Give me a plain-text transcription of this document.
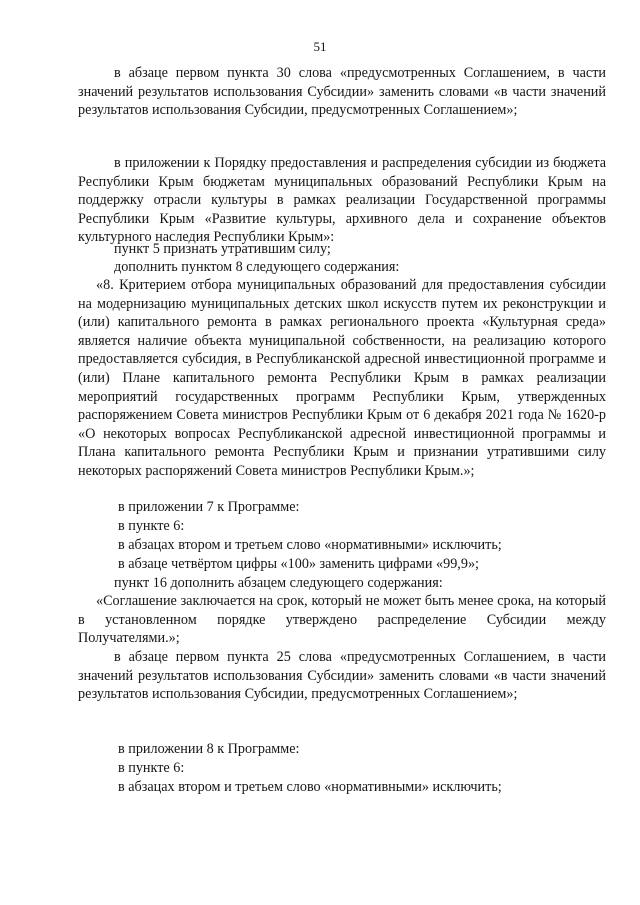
51

в абзаце первом пункта 30 слова «предусмотренных Соглашением, в части значений результатов использования Субсидии» заменить словами «в части значений результатов использования Субсидии, предусмотренных Соглашением»;

в приложении к Порядку предоставления и распределения субсидии из бюджета Республики Крым бюджетам муниципальных образований Республики Крым на поддержку отрасли культуры в рамках реализации Государственной программы Республики Крым «Развитие культуры, архивного дела и сохранение объектов культурного наследия Республики Крым»:

пункт 5 признать утратившим силу;

дополнить пунктом 8 следующего содержания:

«8. Критерием отбора муниципальных образований для предоставления субсидии на модернизацию муниципальных детских школ искусств путем их реконструкции и (или) капитального ремонта в рамках регионального проекта «Культурная среда» является наличие объекта муниципальной собственности, на реализацию которого предоставляется субсидия, в Республиканской адресной инвестиционной программе и (или) Плане капитального ремонта Республики Крым в рамках реализации мероприятий государственных программ Республики Крым, утвержденных распоряжением Совета министров Республики Крым от 6 декабря 2021 года № 1620-р «О некоторых вопросах Республиканской адресной инвестиционной программы и Плана капитального ремонта Республики Крым и признании утратившими силу некоторых распоряжений Совета министров Республики Крым.»;

в приложении 7 к Программе:

в пункте 6:

в абзацах втором и третьем слово «нормативными» исключить;

в абзаце четвёртом цифры «100» заменить цифрами «99,9»;

пункт 16 дополнить абзацем следующего содержания:

«Соглашение заключается на срок, который не может быть менее срока, на который в установленном порядке утверждено распределение Субсидии между Получателями.»;

в абзаце первом пункта 25 слова «предусмотренных Соглашением, в части значений результатов использования Субсидии» заменить словами «в части значений результатов использования Субсидии, предусмотренных Соглашением»;

в приложении 8 к Программе:

в пункте 6:

в абзацах втором и третьем слово «нормативными» исключить;
